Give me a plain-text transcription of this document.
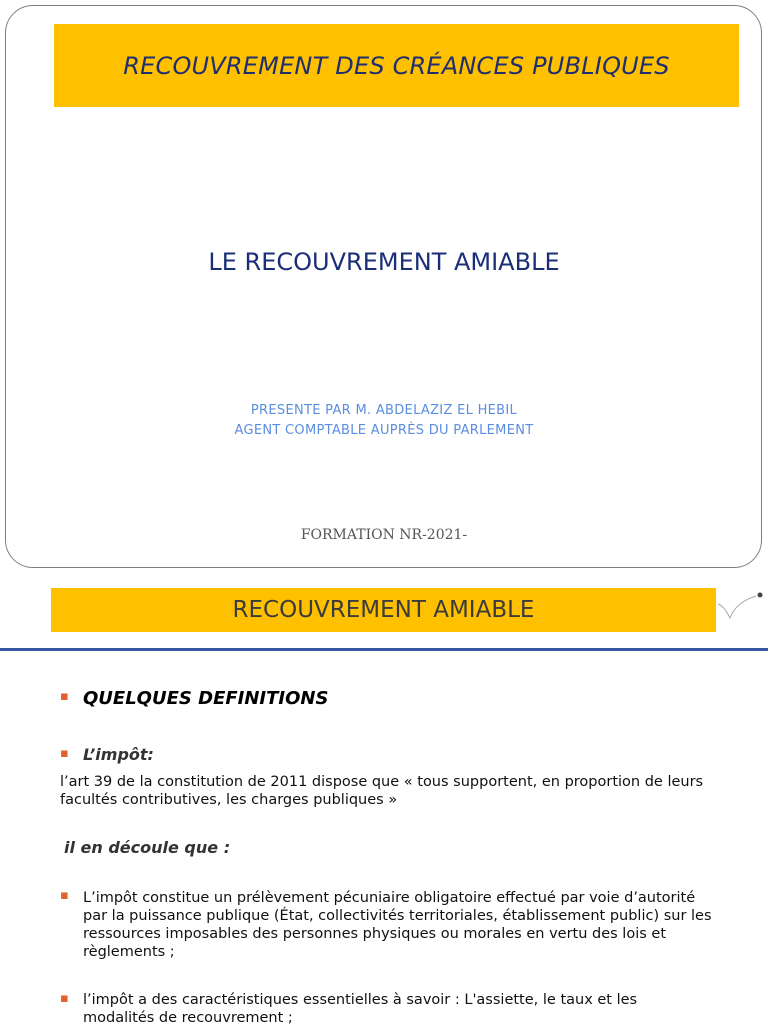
RECOUVREMENT DES CRÉANCES PUBLIQUES
LE RECOUVREMENT AMIABLE
PRESENTE PAR M. ABDELAZIZ EL HEBIL
AGENT COMPTABLE AUPRÈS DU PARLEMENT
FORMATION NR-2021-
RECOUVREMENT AMIABLE
▪ QUELQUES DEFINITIONS
▪ L’impôt:
l’art 39 de la constitution de 2011 dispose que « tous supportent, en proportion de leurs facultés contributives, les charges publiques »
il en découle que :
▪ L’impôt constitue un prélèvement pécuniaire obligatoire effectué par voie d’autorité par la puissance publique (État, collectivités territoriales, établissement public) sur les ressources imposables des personnes physiques ou morales en vertu des lois et règlements ;
▪ l’impôt a des caractéristiques essentielles à savoir : L'assiette, le taux et les modalités de recouvrement ;
